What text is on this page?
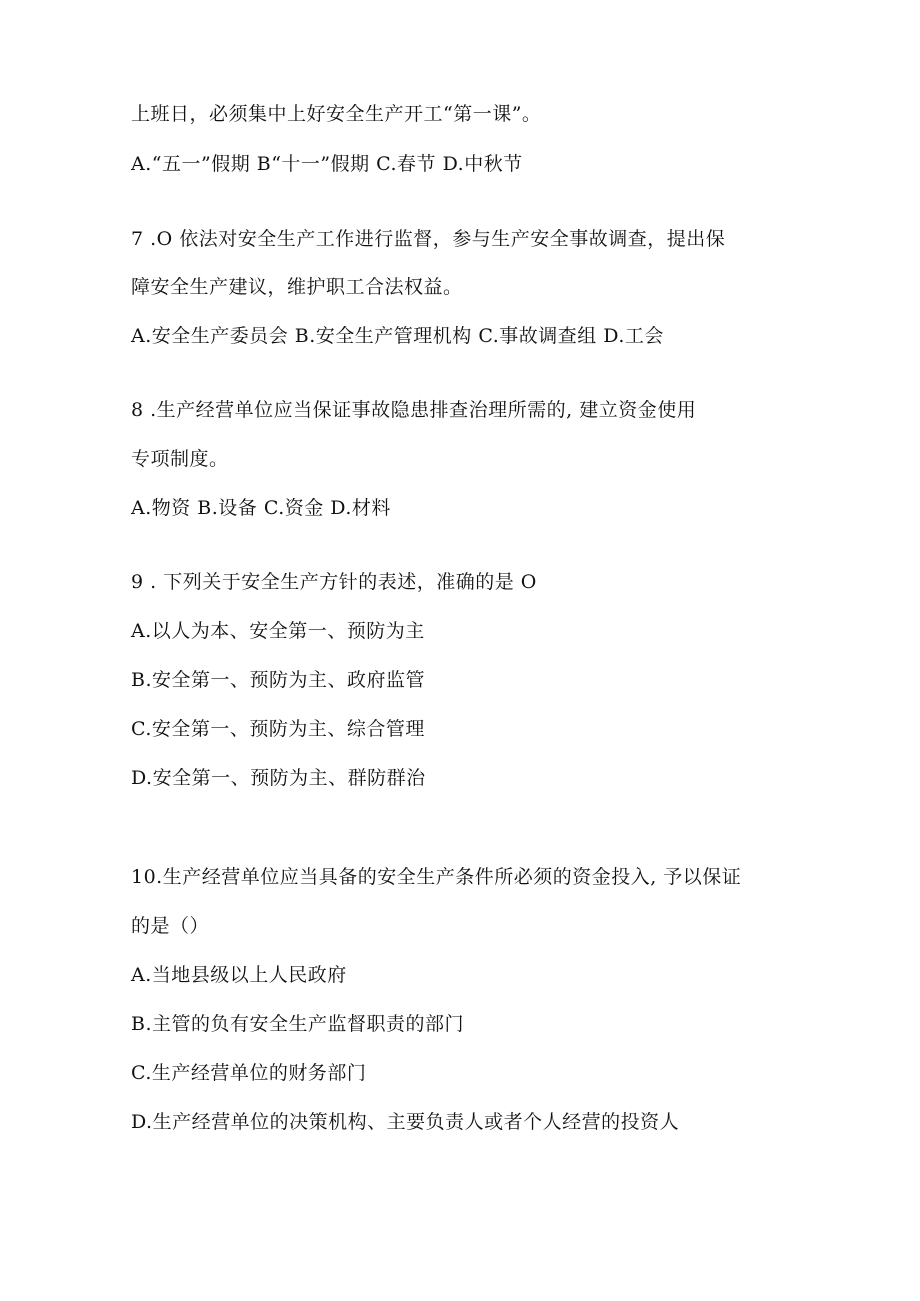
上班日，必须集中上好安全生产开工“第一课”。
A.“五一”假期 B“十一”假期 C.春节 D.中秋节
7 .O 依法对安全生产工作进行监督，参与生产安全事故调查，提出保
障安全生产建议，维护职工合法权益。
A.安全生产委员会 B.安全生产管理机构 C.事故调查组 D.工会
8 .生产经营单位应当保证事故隐患排查治理所需的, 建立资金使用
专项制度。
A.物资 B.设备 C.资金 D.材料
9 . 下列关于安全生产方针的表述，准确的是 O
A.以人为本、安全第一、预防为主
B.安全第一、预防为主、政府监管
C.安全第一、预防为主、综合管理
D.安全第一、预防为主、群防群治
10.生产经营单位应当具备的安全生产条件所必须的资金投入, 予以保证
的是（）
A.当地县级以上人民政府
B.主管的负有安全生产监督职责的部门
C.生产经营单位的财务部门
D.生产经营单位的决策机构、主要负责人或者个人经营的投资人
